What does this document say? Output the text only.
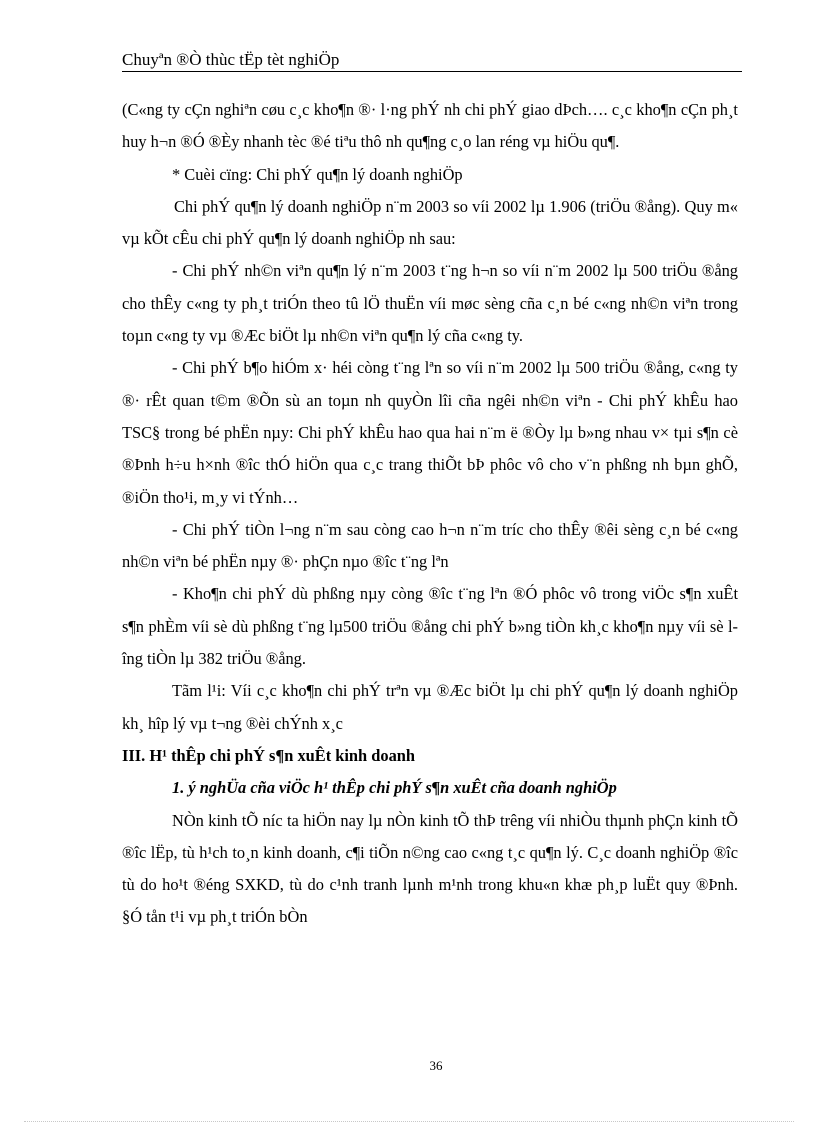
Chuyªn ®Ò thùc tËp tèt nghiÖp

(C«ng ty cÇn nghiªn cøu c¸c kho¶n ®· l·ng phÝ nh chi phÝ giao dÞch…. c¸c kho¶n cÇn ph¸t huy h¬n ®Ó ®Èy nhanh tèc ®é tiªu thô nh qu¶ng c¸o lan réng vµ hiÖu qu¶.

* Cuèi cïng: Chi phÝ qu¶n lý doanh nghiÖp

Chi phÝ qu¶n lý doanh nghiÖp n¨m 2003 so víi 2002 lµ 1.906 (triÖu ®ång). Quy m« vµ kÕt cÊu chi phÝ qu¶n lý doanh nghiÖp nh sau:

- Chi phÝ nh©n viªn qu¶n lý n¨m 2003 t¨ng h¬n so víi n¨m 2002 lµ 500 triÖu ®ång cho thÊy c«ng ty ph¸t triÓn theo tû lÖ thuËn víi møc sèng cña c¸n bé c«ng nh©n viªn trong toµn c«ng ty vµ ®Æc biÖt lµ nh©n viªn qu¶n lý cña c«ng ty.

- Chi phÝ b¶o hiÓm x· héi còng t¨ng lªn so víi n¨m 2002 lµ 500 triÖu ®ång, c«ng ty ®· rÊt quan t©m ®Õn sù an toµn nh quyÒn lîi cña ngêi nh©n viªn - Chi phÝ khÊu hao TSC§ trong bé phËn nµy: Chi phÝ khÊu hao qua hai n¨m ë ®Òy lµ b»ng nhau v× tµi s¶n cè ®Þnh h÷u h×nh ®îc thÓ hiÖn qua c¸c trang thiÕt bÞ phôc vô cho v¨n phßng nh bµn ghÕ, ®iÖn tho¹i, m¸y vi tÝnh…

- Chi phÝ tiÒn l¬ng n¨m sau còng cao h¬n n¨m tríc cho thÊy ®êi sèng c¸n bé c«ng nh©n viªn bé phËn nµy ®· phÇn nµo ®îc t¨ng lªn

- Kho¶n chi phÝ dù phßng nµy còng ®îc t¨ng lªn ®Ó phôc vô trong viÖc s¶n xuÊt s¶n phÈm víi sè dù phßng t¨ng lµ500 triÖu ®ång chi phÝ b»ng tiÒn kh¸c kho¶n nµy víi sè lîng tiÒn lµ 382 triÖu ®ång.

Tãm l¹i: Víi c¸c kho¶n chi phÝ trªn vµ ®Æc biÖt lµ chi phÝ qu¶n lý doanh nghiÖp kh¸ hîp lý vµ t¬ng ®èi chÝnh x¸c

III. H¹ thÊp chi phÝ s¶n xuÊt kinh doanh

1. ý nghÜa cña viÖc h¹ thÊp chi phÝ s¶n xuÊt cña doanh nghiÖp

NÒn kinh tÕ níc ta hiÖn nay lµ nÒn kinh tÕ thÞ trêng víi nhiÒu thµnh phÇn kinh tÕ ®îc lËp, tù h¹ch to¸n kinh doanh, c¶i tiÕn n©ng cao c«ng t¸c qu¶n lý. C¸c doanh nghiÖp ®îc tù do ho¹t ®éng SXKD, tù do c¹nh tranh lµnh m¹nh trong khu«n khæ ph¸p luËt quy ®Þnh. §Ó tån t¹i vµ ph¸t triÓn bÒn

36
